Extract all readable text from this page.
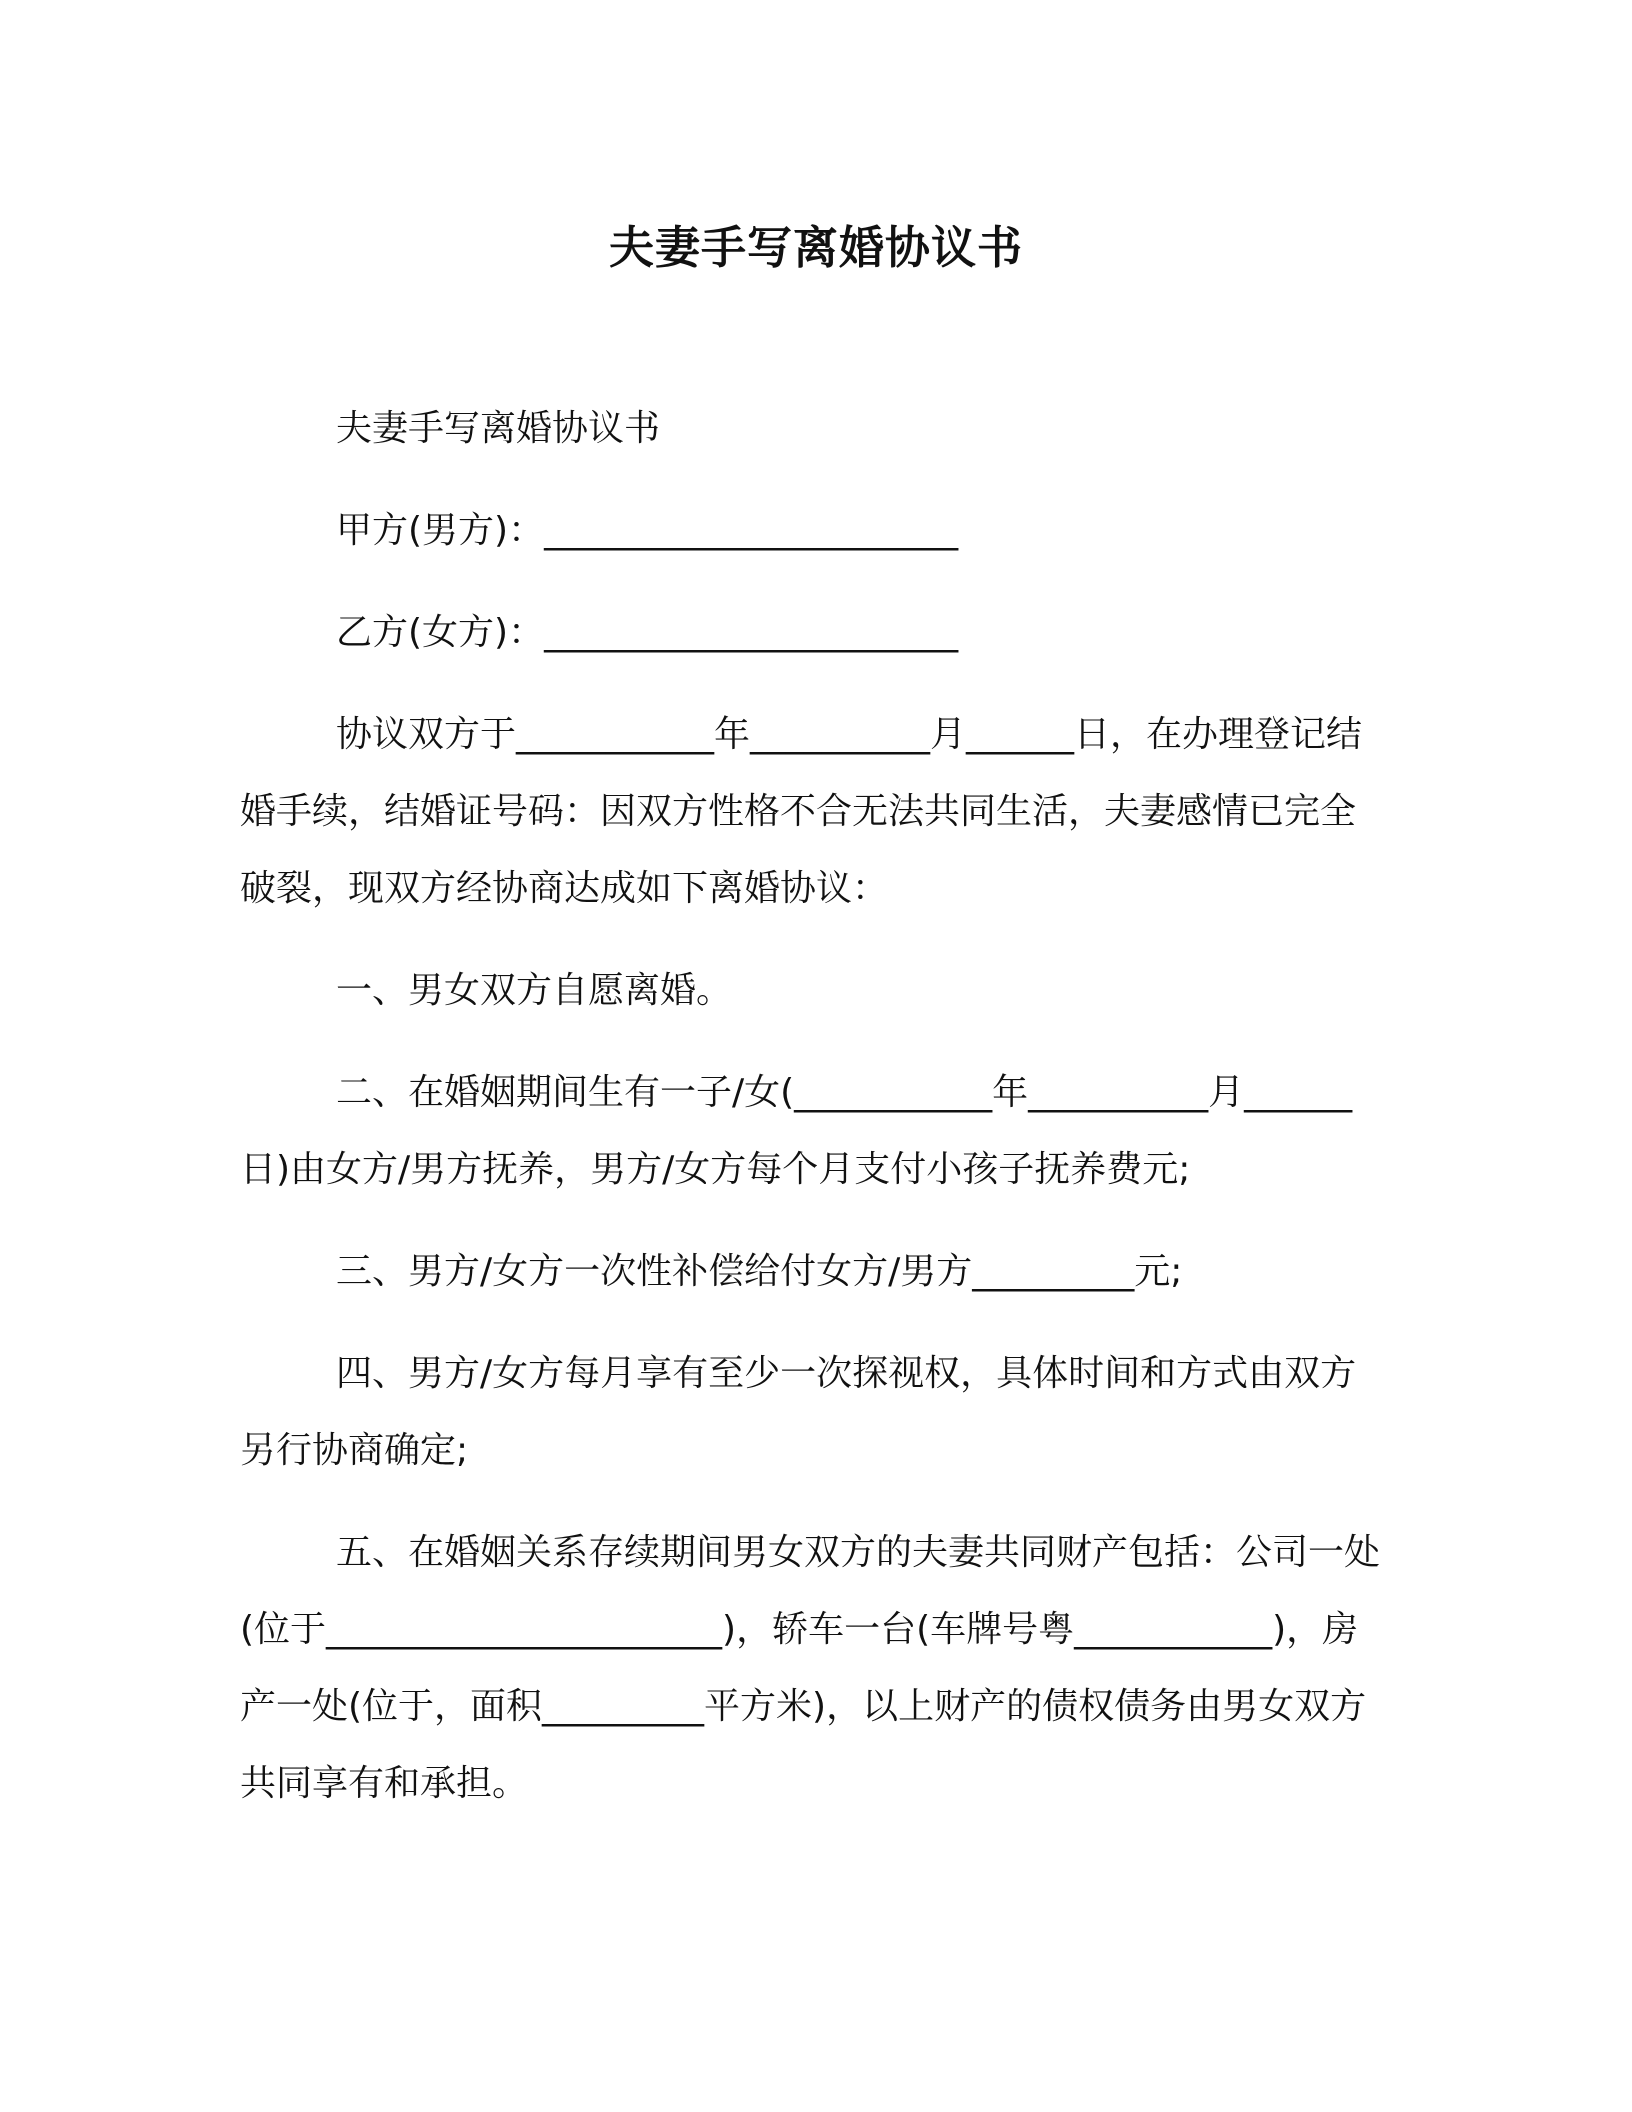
夫妻手写离婚协议书

夫妻手写离婚协议书

甲方(男方)：_______________________

乙方(女方)：_______________________

协议双方于___________年__________月______日，在办理登记结婚手续，结婚证号码：因双方性格不合无法共同生活，夫妻感情已完全破裂，现双方经协商达成如下离婚协议：

一、男女双方自愿离婚。

二、在婚姻期间生有一子/女(___________年__________月______日)由女方/男方抚养，男方/女方每个月支付小孩子抚养费元;

三、男方/女方一次性补偿给付女方/男方_________元;

四、男方/女方每月享有至少一次探视权，具体时间和方式由双方另行协商确定;

五、在婚姻关系存续期间男女双方的夫妻共同财产包括：公司一处(位于______________________)，轿车一台(车牌号粤___________)，房产一处(位于，面积_________平方米)，以上财产的债权债务由男女双方共同享有和承担。
